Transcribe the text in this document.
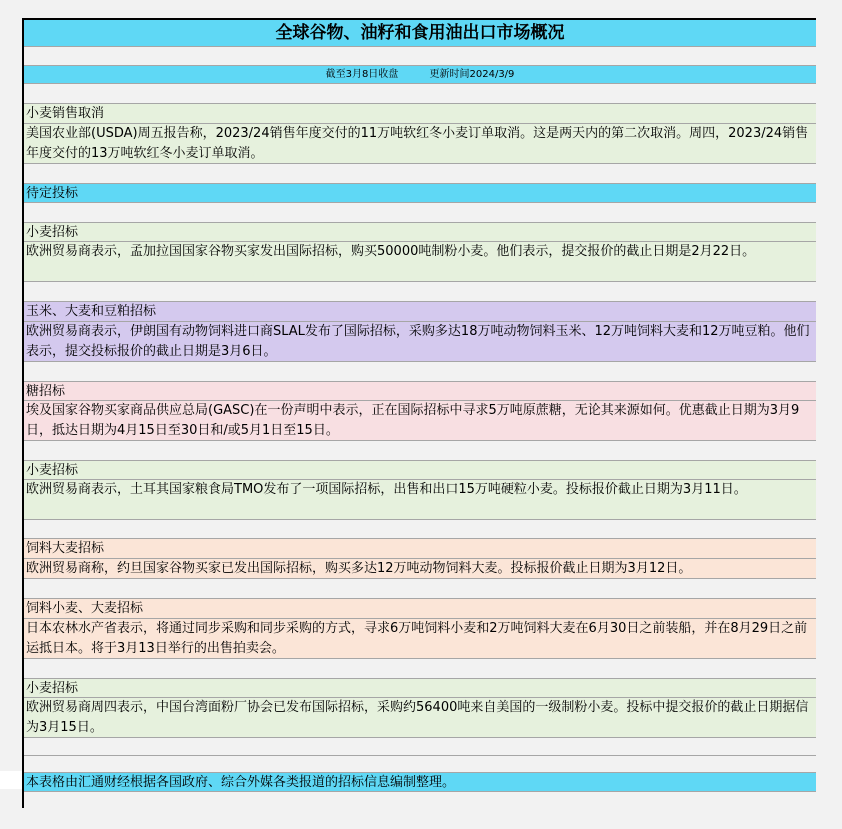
全球谷物、油籽和食用油出口市场概况
截至3月8日收盘	更新时间2024/3/9
小麦销售取消
美国农业部(USDA)周五报告称，2023/24销售年度交付的11万吨软红冬小麦订单取消。这是两天内的第二次取消。周四，2023/24销售年度交付的13万吨软红冬小麦订单取消。
待定投标
小麦招标
欧洲贸易商表示，孟加拉国国家谷物买家发出国际招标，购买50000吨制粉小麦。他们表示，提交报价的截止日期是2月22日。
玉米、大麦和豆粕招标
欧洲贸易商表示，伊朗国有动物饲料进口商SLAL发布了国际招标，采购多达18万吨动物饲料玉米、12万吨饲料大麦和12万吨豆粕。他们表示，提交投标报价的截止日期是3月6日。
糖招标
埃及国家谷物买家商品供应总局(GASC)在一份声明中表示，正在国际招标中寻求5万吨原蔗糖，无论其来源如何。优惠截止日期为3月9日，抵达日期为4月15日至30日和/或5月1日至15日。
小麦招标
欧洲贸易商表示，土耳其国家粮食局TMO发布了一项国际招标，出售和出口15万吨硬粒小麦。投标报价截止日期为3月11日。
饲料大麦招标
欧洲贸易商称，约旦国家谷物买家已发出国际招标，购买多达12万吨动物饲料大麦。投标报价截止日期为3月12日。
饲料小麦、大麦招标
日本农林水产省表示，将通过同步采购和同步采购的方式，寻求6万吨饲料小麦和2万吨饲料大麦在6月30日之前装船，并在8月29日之前运抵日本。将于3月13日举行的出售拍卖会。
小麦招标
欧洲贸易商周四表示，中国台湾面粉厂协会已发布国际招标，采购约56400吨来自美国的一级制粉小麦。投标中提交报价的截止日期据信为3月15日。
本表格由汇通财经根据各国政府、综合外媒各类报道的招标信息编制整理。
